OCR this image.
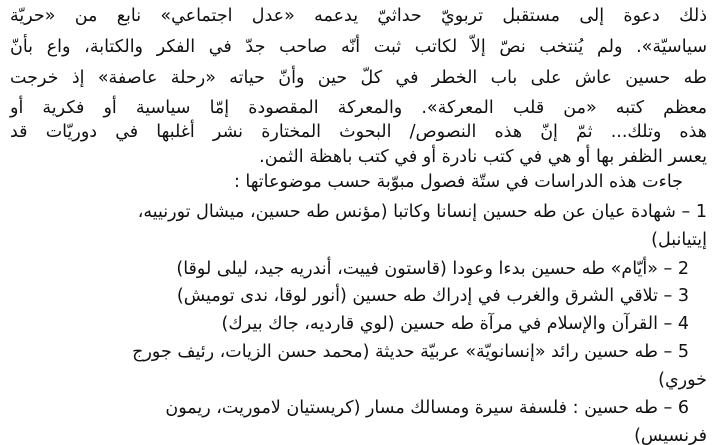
ذلك دعوة إلى مستقبل تربويّ حداثيّ يدعمه «عدل اجتماعي» نابع من «حريّة
سياسيّة». ولم يُنتخب نصّ إلاّ لكاتب ثبت أنّه صاحب جدّ في الفكر والكتابة، واع بأنّ
طه حسين عاش على باب الخطر في كلّ حين وأنّ حياته «رحلة عاصفة» إذ خرجت
معظم كتبه «من قلب المعركة». والمعركة المقصودة إمّا سياسية أو فكرية أو
هذه وتلك... ثمّ إنّ هذه النصوص/ البحوث المختارة نشر أغلبها في دوريّات قد
يعسر الظفر بها أو هي في كتب نادرة أو في كتب باهظة الثمن.
جاءت هذه الدراسات في ستّة فصول مبوّبة حسب موضوعاتها :
1 – شهادة عيان عن طه حسين إنسانا وكاتبا (مؤنس طه حسين، ميشال تورنييه،
إيتيانبل)
2 – «أيّام» طه حسين بدءا وعودا (قاستون فييت، أندريه جيد، ليلى لوقا)
3 – تلاقي الشرق والغرب في إدراك طه حسين (أنور لوقا، ندى توميش)
4 – القرآن والإسلام في مرآة طه حسين (لوي قارديه، جاك بيرك)
5 – طه حسين رائد «إنسانويّة» عربيّة حديثة (محمد حسن الزيات، رئيف جورج
خوري)
6 – طه حسين : فلسفة سيرة ومسالك مسار (كريستيان لاموريت، ريمون
فرنسيس)
